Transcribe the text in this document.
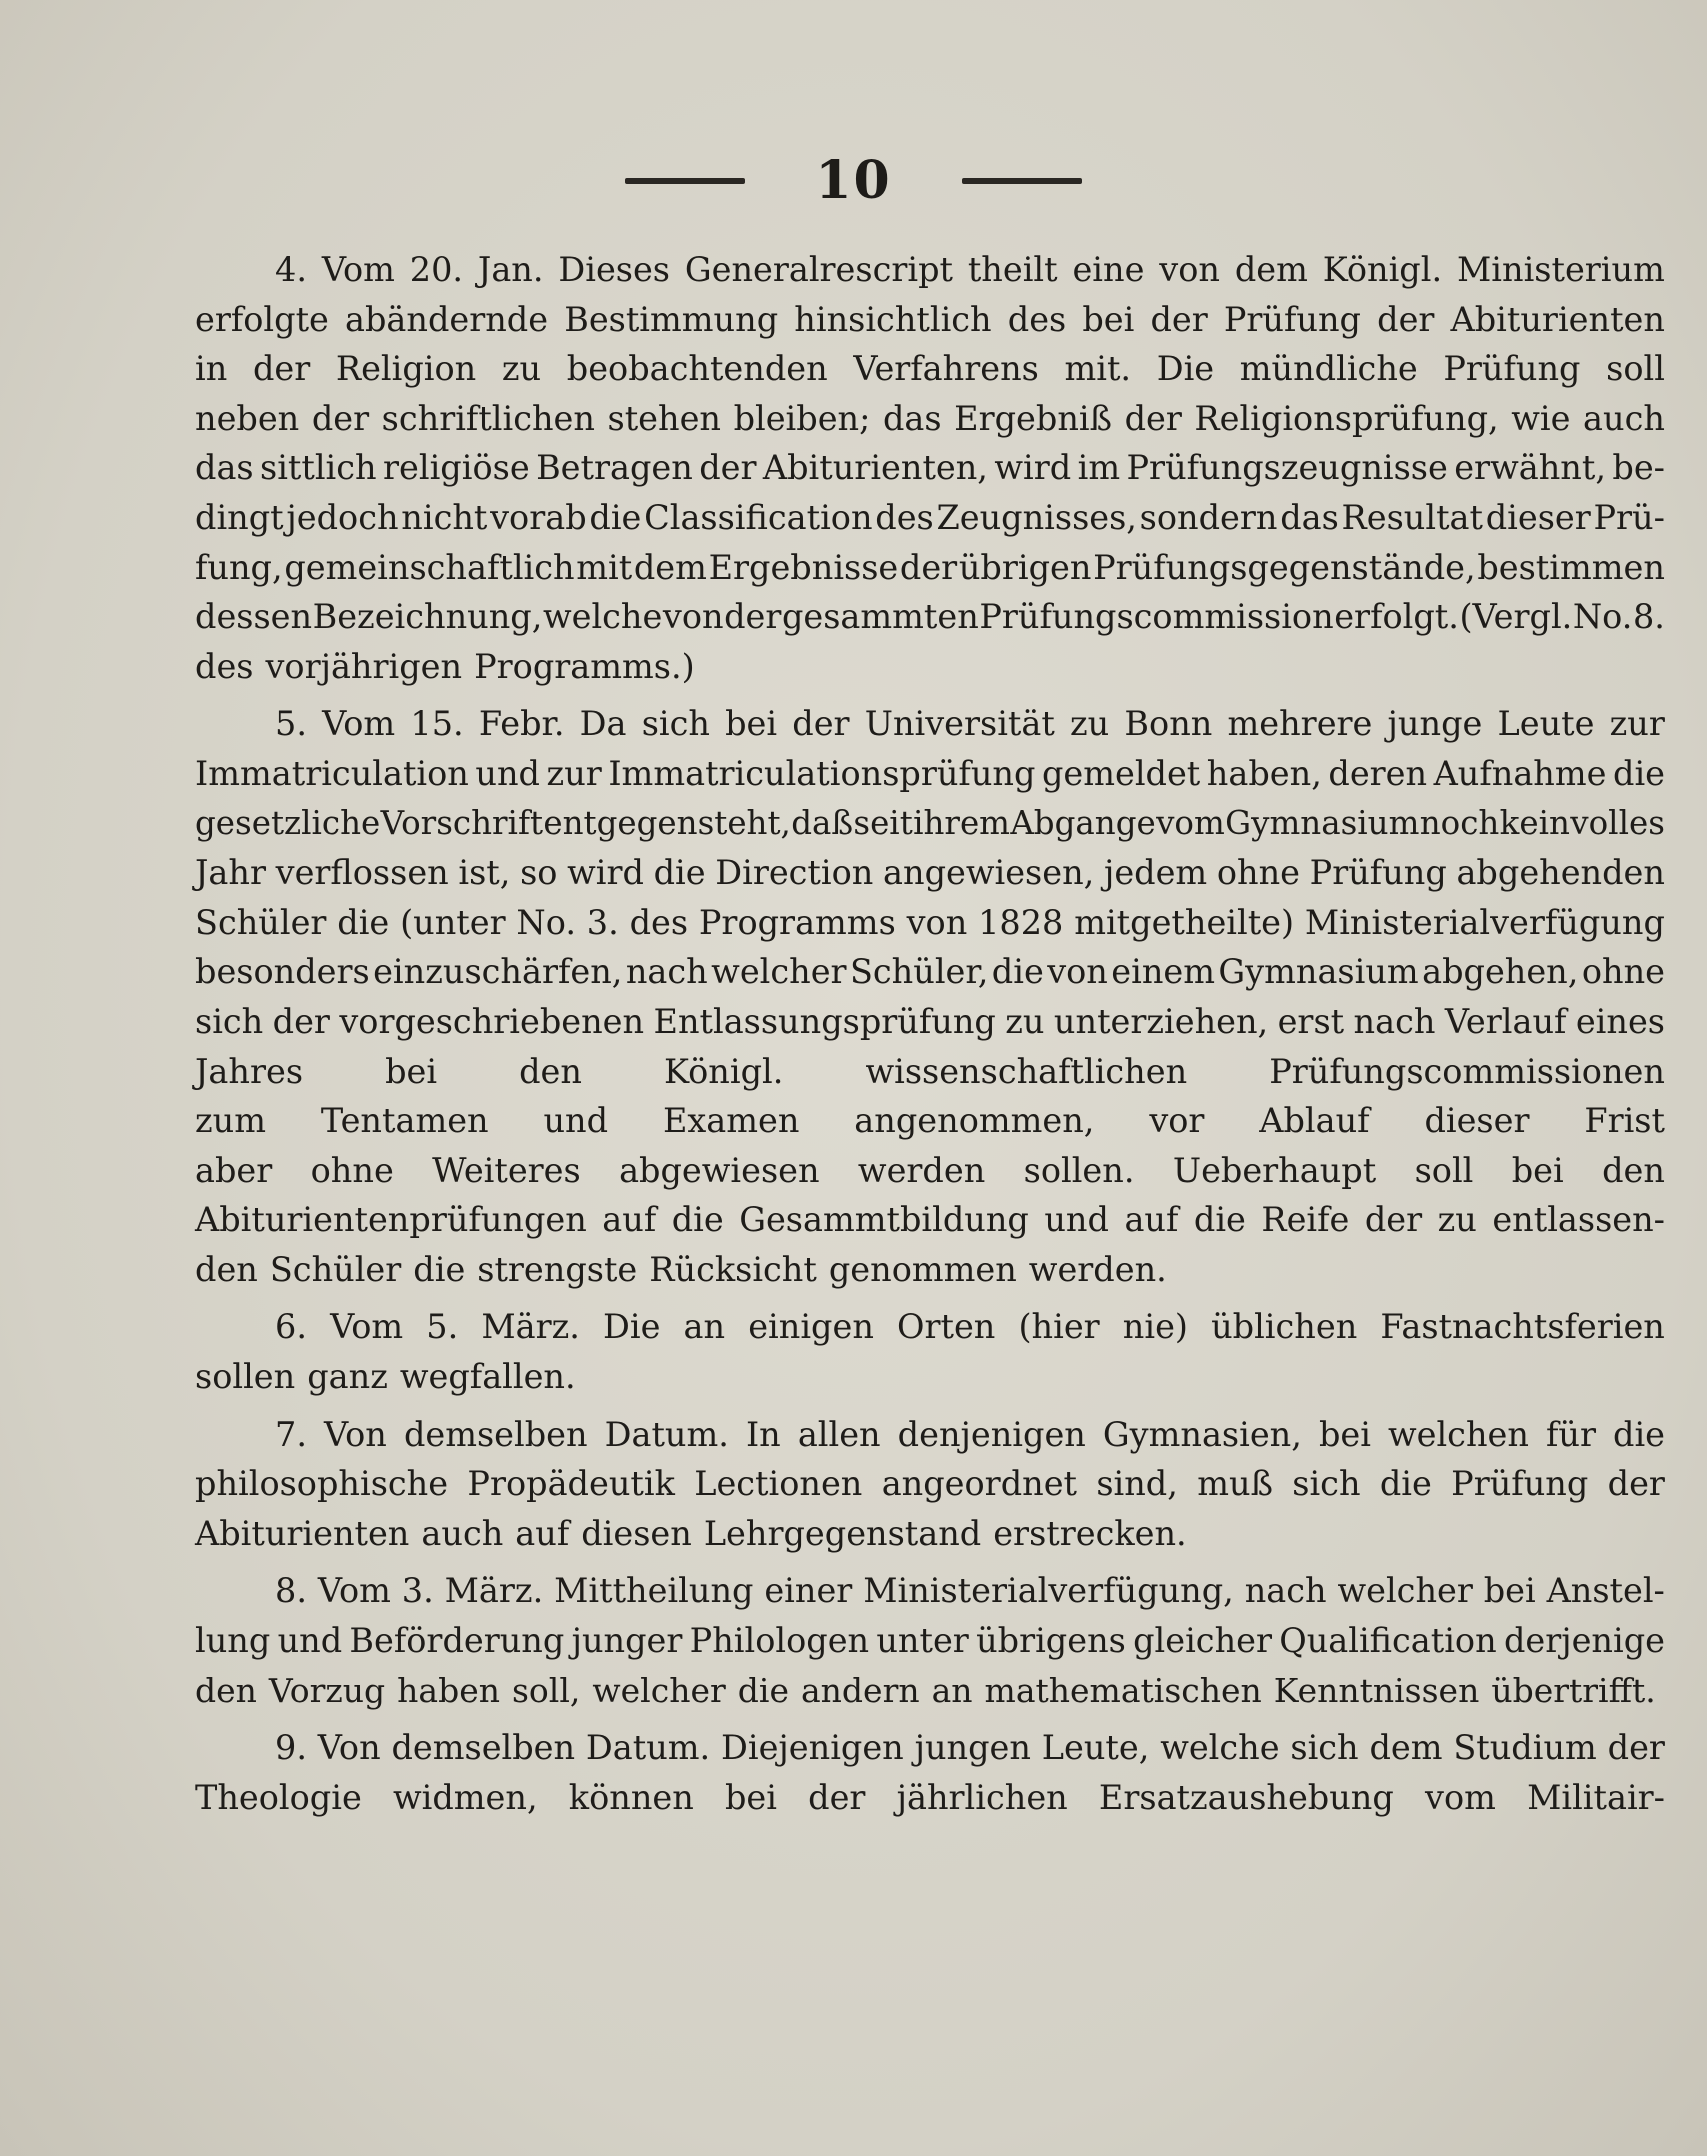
10
4. Vom 20. Jan. Dieses Generalrescript theilt eine von dem Königl. Ministerium
erfolgte abändernde Bestimmung hinsichtlich des bei der Prüfung der Abiturienten
in der Religion zu beobachtenden Verfahrens mit. Die mündliche Prüfung soll
neben der schriftlichen stehen bleiben; das Ergebniß der Religionsprüfung, wie auch
das sittlich religiöse Betragen der Abiturienten, wird im Prüfungszeugnisse erwähnt, be-
dingt jedoch nicht vorab die Classification des Zeugnisses, sondern das Resultat dieser Prü-
fung, gemeinschaftlich mit dem Ergebnisse der übrigen Prüfungsgegenstände, bestimmen
dessen Bezeichnung, welche von der gesammten Prüfungscommission erfolgt. (Vergl. No. 8.
des vorjährigen Programms.)
5. Vom 15. Febr. Da sich bei der Universität zu Bonn mehrere junge Leute zur
Immatriculation und zur Immatriculationsprüfung gemeldet haben, deren Aufnahme die
gesetzliche Vorschrift entgegensteht, daß seit ihrem Abgange vom Gymnasium noch kein volles
Jahr verflossen ist, so wird die Direction angewiesen, jedem ohne Prüfung abgehenden
Schüler die (unter No. 3. des Programms von 1828 mitgetheilte) Ministerialverfügung
besonders einzuschärfen, nach welcher Schüler, die von einem Gymnasium abgehen, ohne
sich der vorgeschriebenen Entlassungsprüfung zu unterziehen, erst nach Verlauf eines
Jahres bei den Königl. wissenschaftlichen Prüfungscommissionen
zum Tentamen und Examen angenommen, vor Ablauf dieser Frist
aber ohne Weiteres abgewiesen werden sollen. Ueberhaupt soll bei den
Abiturientenprüfungen auf die Gesammtbildung und auf die Reife der zu entlassen-
den Schüler die strengste Rücksicht genommen werden.
6. Vom 5. März. Die an einigen Orten (hier nie) üblichen Fastnachtsferien
sollen ganz wegfallen.
7. Von demselben Datum. In allen denjenigen Gymnasien, bei welchen für die
philosophische Propädeutik Lectionen angeordnet sind, muß sich die Prüfung der
Abiturienten auch auf diesen Lehrgegenstand erstrecken.
8. Vom 3. März. Mittheilung einer Ministerialverfügung, nach welcher bei Anstel-
lung und Beförderung junger Philologen unter übrigens gleicher Qualification derjenige
den Vorzug haben soll, welcher die andern an mathematischen Kenntnissen übertrifft.
9. Von demselben Datum. Diejenigen jungen Leute, welche sich dem Studium der
Theologie widmen, können bei der jährlichen Ersatzaushebung vom Militair-
